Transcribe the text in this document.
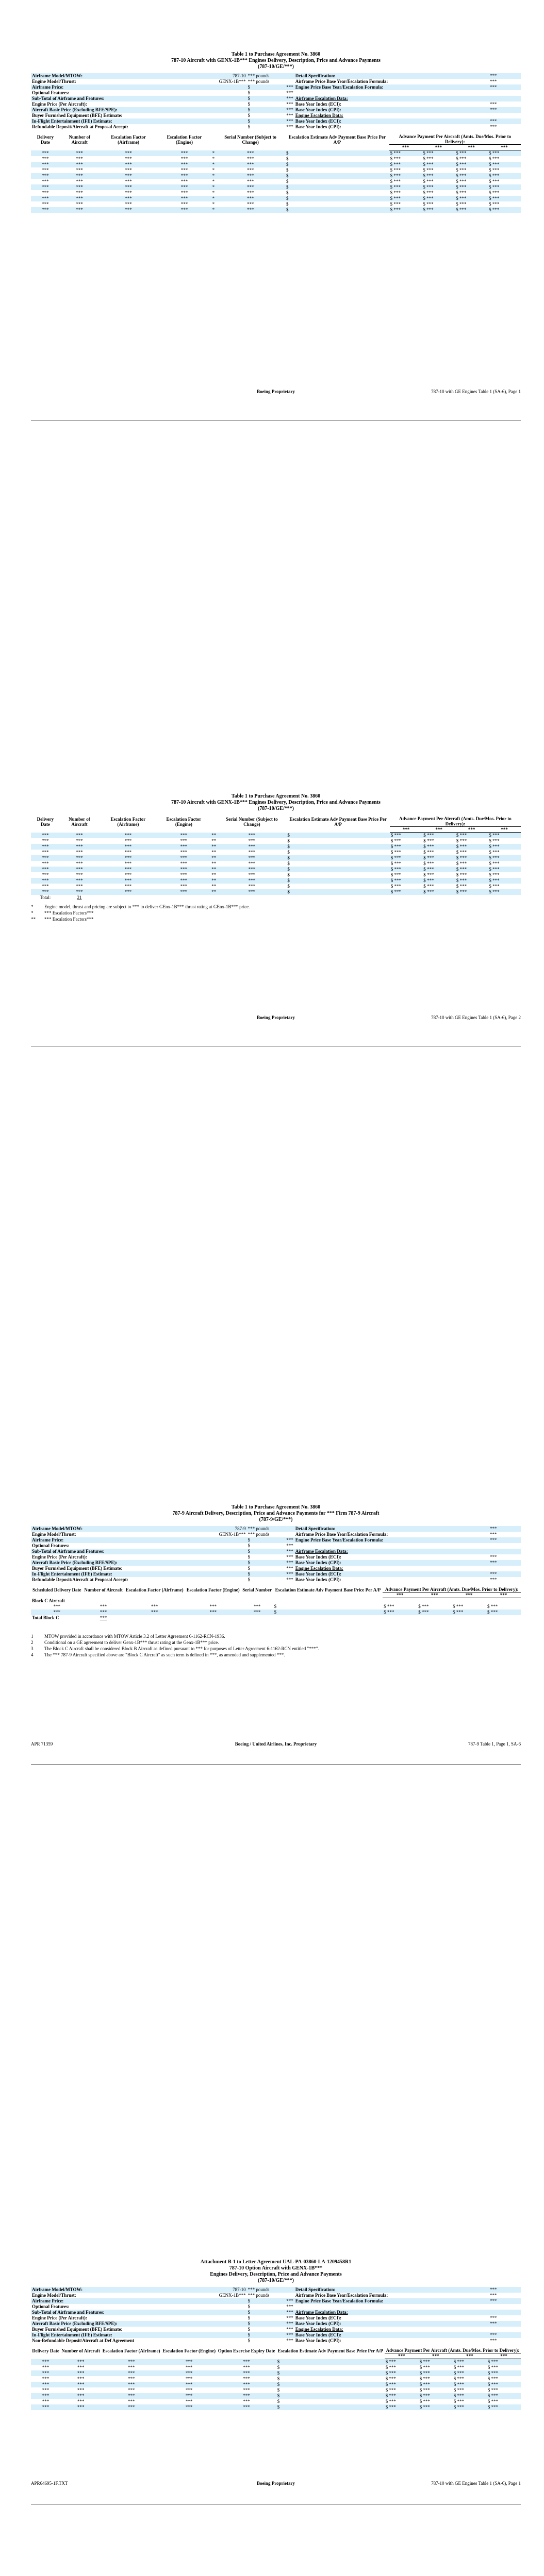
Table 1 to Purchase Agreement No. 3860
787-10 Aircraft with GENX-1B*** Engines Delivery, Description, Price and Advance Payments
(787-10/GE/***)
Airframe Model/MTOW:	787-10	*** pounds		Detail Specification:	***
Engine Model/Thrust:	GENX-1B***	*** pounds		Airframe Price Base Year/Escalation Formula:	***
Airframe Price:		$	***	Engine Price Base Year/Escalation Formula:	***
Optional Features:		$	***		
Sub-Total of Airframe and Features:		$	***	Airframe Escalation Data:	
Engine Price (Per Aircraft):		$	***	Base Year Index (ECI):	***
Aircraft Basic Price (Excluding BFE/SPE):		$	***	Base Year Index (CPI):	***
Buyer Furnished Equipment (BFE) Estimate:		$	***	Engine Escalation Data:	
In-Flight Entertainment (IFE) Estimate:		$	***	Base Year Index (ECI):	***
Refundable Deposit/Aircraft at Proposal Accept:		$	***	Base Year Index (CPI):	***
Delivery Date	Number of Aircraft	Escalation Factor (Airframe)	Escalation Factor (Engine)		Serial Number (Subject to Change)	Escalation Estimate Adv Payment Base Price Per A/P	Advance Payment Per Aircraft (Amts. Due/Mos. Prior to Delivery):			
							***	***	***	***
***	***	***	***	*	***	$	$ ***	$ ***	$ ***	$ ***
***	***	***	***	*	***	$	$ ***	$ ***	$ ***	$ ***
***	***	***	***	*	***	$	$ ***	$ ***	$ ***	$ ***
***	***	***	***	*	***	$	$ ***	$ ***	$ ***	$ ***
***	***	***	***	*	***	$	$ ***	$ ***	$ ***	$ ***
***	***	***	***	*	***	$	$ ***	$ ***	$ ***	$ ***
***	***	***	***	*	***	$	$ ***	$ ***	$ ***	$ ***
***	***	***	***	*	***	$	$ ***	$ ***	$ ***	$ ***
***	***	***	***	*	***	$	$ ***	$ ***	$ ***	$ ***
***	***	***	***	*	***	$	$ ***	$ ***	$ ***	$ ***
***	***	***	***	*	***	$	$ ***	$ ***	$ ***	$ ***
Boeing Proprietary	787-10 with GE Engines Table 1 (SA-6), Page 1
Table 1 to Purchase Agreement No. 3860
787-10 Aircraft with GENX-1B*** Engines Delivery, Description, Price and Advance Payments
(787-10/GE/***)
Delivery Date	Number of Aircraft	Escalation Factor (Airframe)	Escalation Factor (Engine)		Serial Number (Subject to Change)	Escalation Estimate Adv Payment Base Price Per A/P	Advance Payment Per Aircraft (Amts. Due/Mos. Prior to Delivery):			
							***	***	***	***
***	***	***	***	**	***	$	$ ***	$ ***	$ ***	$ ***
***	***	***	***	**	***	$	$ ***	$ ***	$ ***	$ ***
***	***	***	***	**	***	$	$ ***	$ ***	$ ***	$ ***
***	***	***	***	**	***	$	$ ***	$ ***	$ ***	$ ***
***	***	***	***	**	***	$	$ ***	$ ***	$ ***	$ ***
***	***	***	***	**	***	$	$ ***	$ ***	$ ***	$ ***
***	***	***	***	**	***	$	$ ***	$ ***	$ ***	$ ***
***	***	***	***	**	***	$	$ ***	$ ***	$ ***	$ ***
***	***	***	***	**	***	$	$ ***	$ ***	$ ***	$ ***
***	***	***	***	**	***	$	$ ***	$ ***	$ ***	$ ***
***	***	***	***	**	***	$	$ ***	$ ***	$ ***	$ ***
Total:	21									
* Engine model, thrust and pricing are subject to *** to deliver GEnx-1B*** thrust rating at GEnx-1B*** price.
* *** Escalation Factors***
** *** Escalation Factors***
Boeing Proprietary	787-10 with GE Engines Table 1 (SA-6), Page 2
Table 1 to Purchase Agreement No. 3860
787-9 Aircraft Delivery, Description, Price and Advance Payments for *** Firm 787-9 Aircraft
(787-9/GE/***)
Airframe Model/MTOW:	787-9	*** pounds		Detail Specification:	***
Engine Model/Thrust:	GENX-1B***	*** pounds		Airframe Price Base Year/Escalation Formula:	***
Airframe Price:		$	***	Engine Price Base Year/Escalation Formula:	***
Optional Features:		$	***		
Sub-Total of Airframe and Features:		$	***	Airframe Escalation Data:	
Engine Price (Per Aircraft):		$	***	Base Year Index (ECI):	***
Aircraft Basic Price (Excluding BFE/SPE):		$	***	Base Year Index (CPI):	***
Buyer Furnished Equipment (BFE) Estimate:		$	***	Engine Escalation Data:	
In-Flight Entertainment (IFE) Estimate:		$	***	Base Year Index (ECI):	***
Refundable Deposit/Aircraft at Proposal Accept:		$	***	Base Year Index (CPI):	***
Scheduled Delivery Date	Number of Aircraft	Escalation Factor (Airframe)	Escalation Factor (Engine)	Serial Number	Escalation Estimate Adv Payment Base Price Per A/P	Advance Payment Per Aircraft (Amts. Due/Mos. Prior to Delivery):			
						***	***	***	***
Block C Aircraft									
***	***	***	***	***	$	$ ***	$ ***	$ ***	$ ***
***	***	***	***	***	$	$ ***	$ ***	$ ***	$ ***
Total Block C	***								
1 MTOW provided in accordance with MTOW Article 3.2 of Letter Agreement 6-1162-RCN-1936.
2 Conditional on a GE agreement to deliver Genx-1B*** thrust rating at the Genx-1B*** price.
3 The Block C Aircraft shall be considered Block B Aircraft as defined pursuant to *** for purposes of Letter Agreement 6-1162-RCN entitled "***".
4 The *** 787-9 Aircraft specified above are "Block C Aircraft" as such term is defined in ***, as amended and supplemented ***.
APR 71359	Boeing / United Airlines, Inc. Proprietary	787-9 Table 1, Page 1, SA-6
Attachment B-1 to Letter Agreement UAL-PA-03860-LA-1209458R1
787-10 Option Aircraft with GENX-1B***
Engines Delivery, Description, Price and Advance Payments
(787-10/GE/***)
Airframe Model/MTOW:	787-10	*** pounds		Detail Specification:	***
Engine Model/Thrust:	GENX-1B***	*** pounds		Airframe Price Base Year/Escalation Formula:	***
Airframe Price:		$	***	Engine Price Base Year/Escalation Formula:	***
Optional Features:		$	***		
Sub-Total of Airframe and Features:		$	***	Airframe Escalation Data:	
Engine Price (Per Aircraft):		$	***	Base Year Index (ECI):	***
Aircraft Basic Price (Excluding BFE/SPE):		$	***	Base Year Index (CPI):	***
Buyer Furnished Equipment (BFE) Estimate:		$	***	Engine Escalation Data:	
In-Flight Entertainment (IFE) Estimate:		$	***	Base Year Index (ECI):	***
Non-Refundable Deposit/Aircraft at Def Agreement		$	***	Base Year Index (CPI):	***
Delivery Date	Number of Aircraft	Escalation Factor (Airframe)	Escalation Factor (Engine)	Option Exercise Expiry Date	Escalation Estimate Adv Payment Base Price Per A/P	Advance Payment Per Aircraft (Amts. Due/Mos. Prior to Delivery):			
						***	***	***	***
***	***	***	***	***	$	$ ***	$ ***	$ ***	$ ***
***	***	***	***	***	$	$ ***	$ ***	$ ***	$ ***
***	***	***	***	***	$	$ ***	$ ***	$ ***	$ ***
***	***	***	***	***	$	$ ***	$ ***	$ ***	$ ***
***	***	***	***	***	$	$ ***	$ ***	$ ***	$ ***
***	***	***	***	***	$	$ ***	$ ***	$ ***	$ ***
***	***	***	***	***	$	$ ***	$ ***	$ ***	$ ***
***	***	***	***	***	$	$ ***	$ ***	$ ***	$ ***
***	***	***	***	***	$	$ ***	$ ***	$ ***	$ ***
APR64695-1F.TXT	Boeing Proprietary	787-10 with GE Engines Table 1 (SA-6), Page 1
